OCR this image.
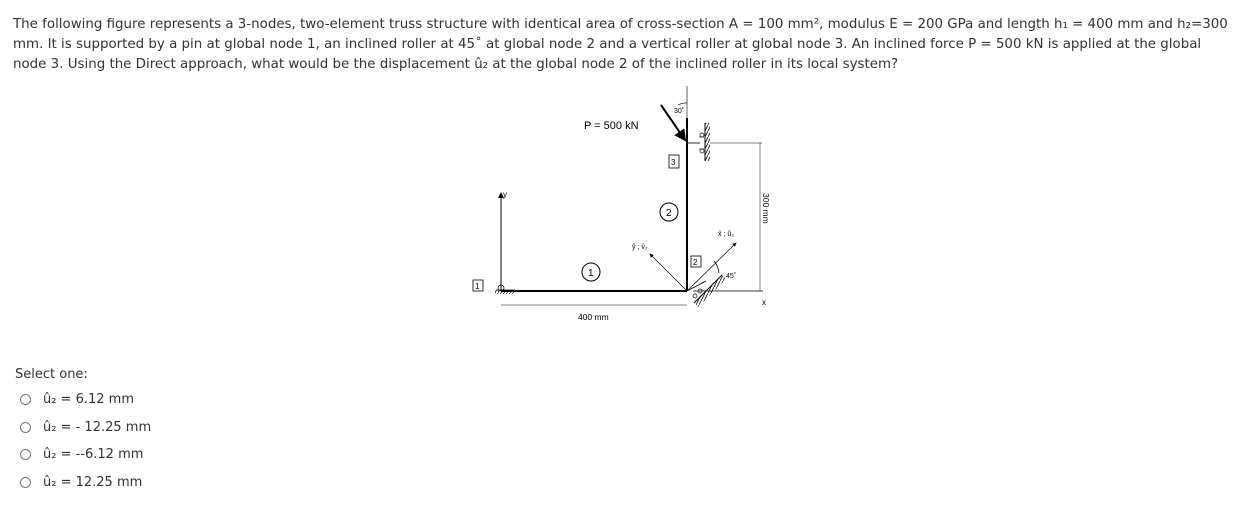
The following figure represents a 3-nodes, two-element truss structure with identical area of cross-section A = 100 mm², modulus E = 200 GPa and length h₁ = 400 mm and h₂=300 mm. It is supported by a pin at global node 1, an inclined roller at 45˚ at global node 2 and a vertical roller at global node 3. An inclined force P = 500 kN is applied at the global node 3. Using the Direct approach, what would be the displacement û₂ at the global node 2 of the inclined roller in its local system?

y
x
1
1	45˚
2
x̂ ; û₂
ŷ ; v̂₂
2
3
30˚
P = 500 kN
400 mm
300 mm
Select one:
û₂ = 6.12 mm
û₂ = - 12.25 mm
û₂ = --6.12 mm
û₂ = 12.25 mm
